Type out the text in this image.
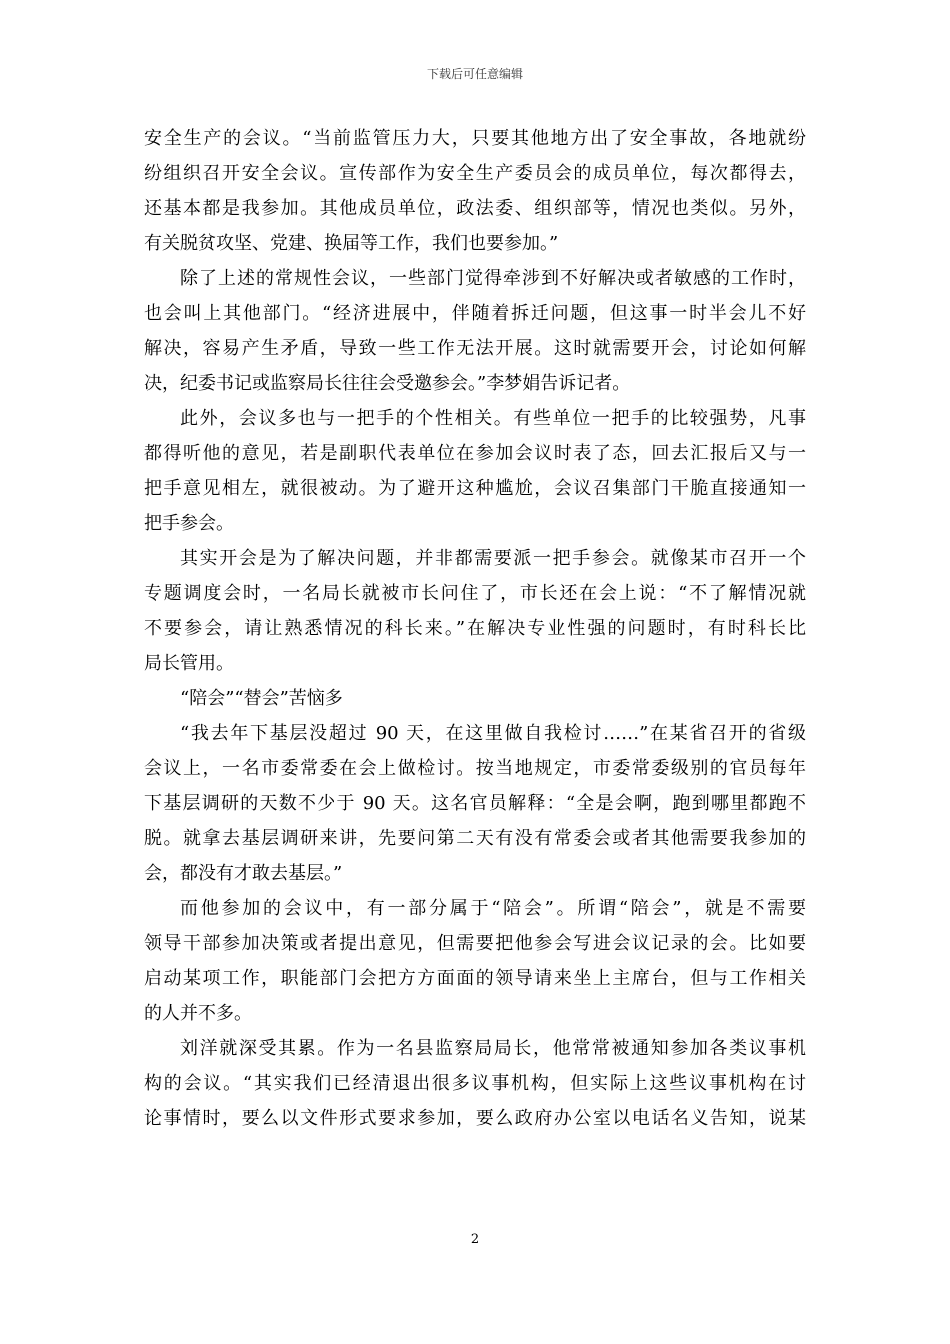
下载后可任意编辑
安全生产的会议。“当前监管压力大，只要其他地方出了安全事故，各地就纷
纷组织召开安全会议。宣传部作为安全生产委员会的成员单位，每次都得去，
还基本都是我参加。其他成员单位，政法委、组织部等，情况也类似。另外，
有关脱贫攻坚、党建、换届等工作，我们也要参加。”
除了上述的常规性会议，一些部门觉得牵涉到不好解决或者敏感的工作时，
也会叫上其他部门。“经济进展中，伴随着拆迁问题，但这事一时半会儿不好
解决，容易产生矛盾，导致一些工作无法开展。这时就需要开会，讨论如何解
决，纪委书记或监察局长往往会受邀参会。”李梦娟告诉记者。
此外，会议多也与一把手的个性相关。有些单位一把手的比较强势，凡事
都得听他的意见，若是副职代表单位在参加会议时表了态，回去汇报后又与一
把手意见相左，就很被动。为了避开这种尴尬，会议召集部门干脆直接通知一
把手参会。
其实开会是为了解决问题，并非都需要派一把手参会。就像某市召开一个
专题调度会时，一名局长就被市长问住了，市长还在会上说：“不了解情况就
不要参会，请让熟悉情况的科长来。”在解决专业性强的问题时，有时科长比
局长管用。
“陪会”“替会”苦恼多
“我去年下基层没超过 90 天，在这里做自我检讨……”在某省召开的省级
会议上，一名市委常委在会上做检讨。按当地规定，市委常委级别的官员每年
下基层调研的天数不少于 90 天。这名官员解释：“全是会啊，跑到哪里都跑不
脱。就拿去基层调研来讲，先要问第二天有没有常委会或者其他需要我参加的
会，都没有才敢去基层。”
而他参加的会议中，有一部分属于“陪会”。所谓“陪会”，就是不需要
领导干部参加决策或者提出意见，但需要把他参会写进会议记录的会。比如要
启动某项工作，职能部门会把方方面面的领导请来坐上主席台，但与工作相关
的人并不多。
刘洋就深受其累。作为一名县监察局局长，他常常被通知参加各类议事机
构的会议。“其实我们已经清退出很多议事机构，但实际上这些议事机构在讨
论事情时，要么以文件形式要求参加，要么政府办公室以电话名义告知，说某
2
